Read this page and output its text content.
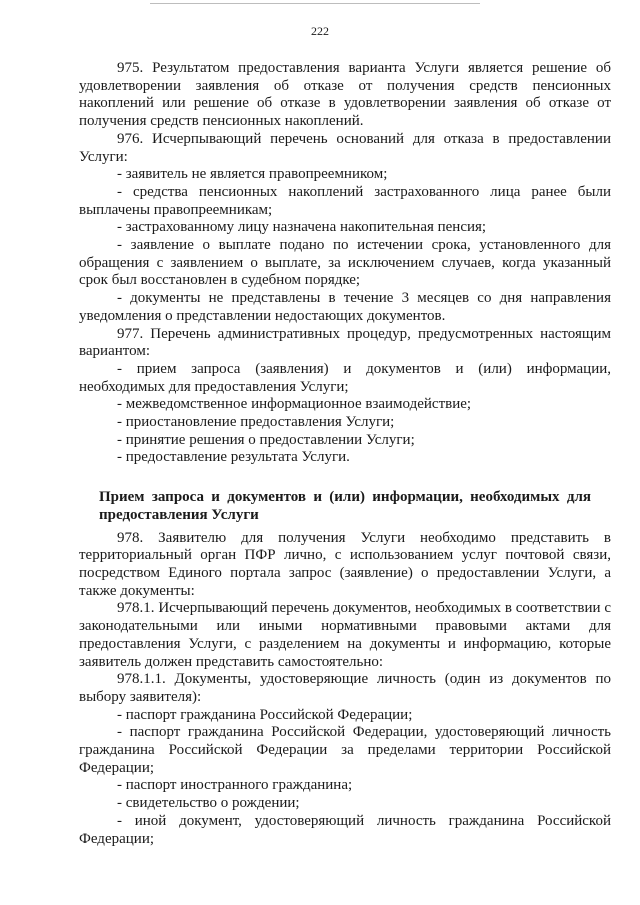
222

975. Результатом предоставления варианта Услуги является решение об удовлетворении заявления об отказе от получения средств пенсионных накоплений или решение об отказе в удовлетворении заявления об отказе от получения средств пенсионных накоплений.

976. Исчерпывающий перечень оснований для отказа в предоставлении Услуги:

- заявитель не является правопреемником;

- средства пенсионных накоплений застрахованного лица ранее были выплачены правопреемникам;

- застрахованному лицу назначена накопительная пенсия;

- заявление о выплате подано по истечении срока, установленного для обращения с заявлением о выплате, за исключением случаев, когда указанный срок был восстановлен в судебном порядке;

- документы не представлены в течение 3 месяцев со дня направления уведомления о представлении недостающих документов.

977. Перечень административных процедур, предусмотренных настоящим вариантом:

- прием запроса (заявления) и документов и (или) информации, необходимых для предоставления Услуги;

- межведомственное информационное взаимодействие;

- приостановление предоставления Услуги;

- принятие решения о предоставлении Услуги;

- предоставление результата Услуги.

Прием запроса и документов и (или) информации, необходимых для предоставления Услуги

978. Заявителю для получения Услуги необходимо представить в территориальный орган ПФР лично, с использованием услуг почтовой связи, посредством Единого портала запрос (заявление) о предоставлении Услуги, а также документы:

978.1. Исчерпывающий перечень документов, необходимых в соответствии с законодательными или иными нормативными правовыми актами для предоставления Услуги, с разделением на документы и информацию, которые заявитель должен представить самостоятельно:

978.1.1. Документы, удостоверяющие личность (один из документов по выбору заявителя):

- паспорт гражданина Российской Федерации;

- паспорт гражданина Российской Федерации, удостоверяющий личность гражданина Российской Федерации за пределами территории Российской Федерации;

- паспорт иностранного гражданина;

- свидетельство о рождении;

- иной документ, удостоверяющий личность гражданина Российской Федерации;
